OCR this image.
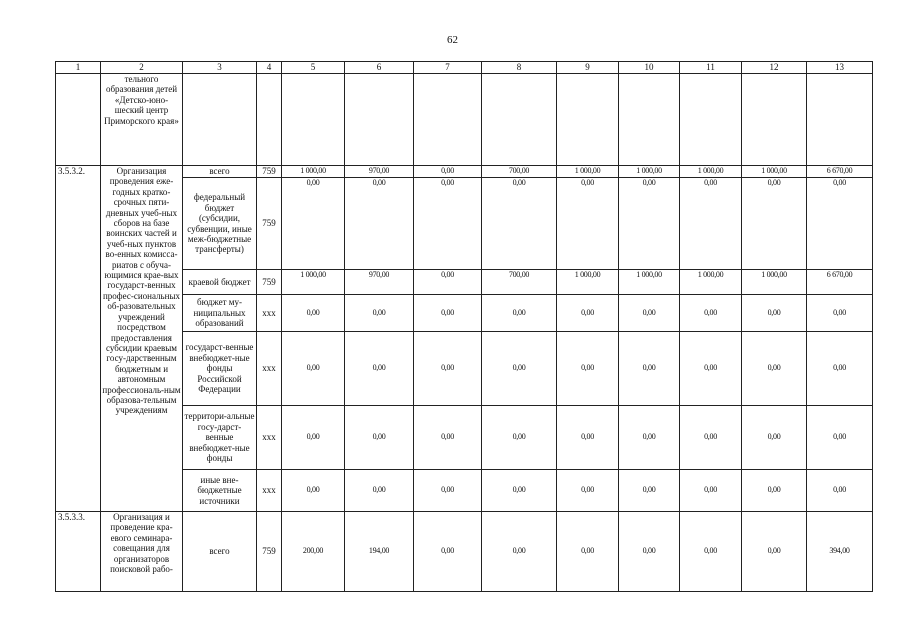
62
1	2	3	4	5	6	7	8	9	10	11	12	13
	тельного образования детей «Детско-юно-шеский центр Приморского края»											
3.5.3.2.	Организация проведения еже-годных кратко-срочных пяти-дневных учеб-ных сборов на базе воинских частей и учеб-ных пунктов во-енных комисса-риатов с обуча-ющимися крае-вых государст-венных профес-сиональных об-разовательных учреждений посредством предоставления субсидии краевым госу-дарственным бюджетным и автономным профессиональ-ным образова-тельным учреждениям	всего	759	1 000,00	970,00	0,00	700,00	1 000,00	1 000,00	1 000,00	1 000,00	6 670,00
		федеральный бюджет (субсидии, субвенции, иные меж-бюджетные трансферты)	759	0,00	0,00	0,00	0,00	0,00	0,00	0,00	0,00	0,00
		краевой бюджет	759	1 000,00	970,00	0,00	700,00	1 000,00	1 000,00	1 000,00	1 000,00	6 670,00
		бюджет му-ниципальных образований	xxx	0,00	0,00	0,00	0,00	0,00	0,00	0,00	0,00	0,00
		государст-венные внебюджет-ные фонды Российской Федерации	xxx	0,00	0,00	0,00	0,00	0,00	0,00	0,00	0,00	0,00
		территори-альные госу-дарст-венные внебюджет-ные фонды	xxx	0,00	0,00	0,00	0,00	0,00	0,00	0,00	0,00	0,00
		иные вне-бюджетные источники	xxx	0,00	0,00	0,00	0,00	0,00	0,00	0,00	0,00	0,00
3.5.3.3.	Организация и проведение кра-евого семинара-совещания для организаторов поисковой рабо-	всего	759	200,00	194,00	0,00	0,00	0,00	0,00	0,00	0,00	394,00
